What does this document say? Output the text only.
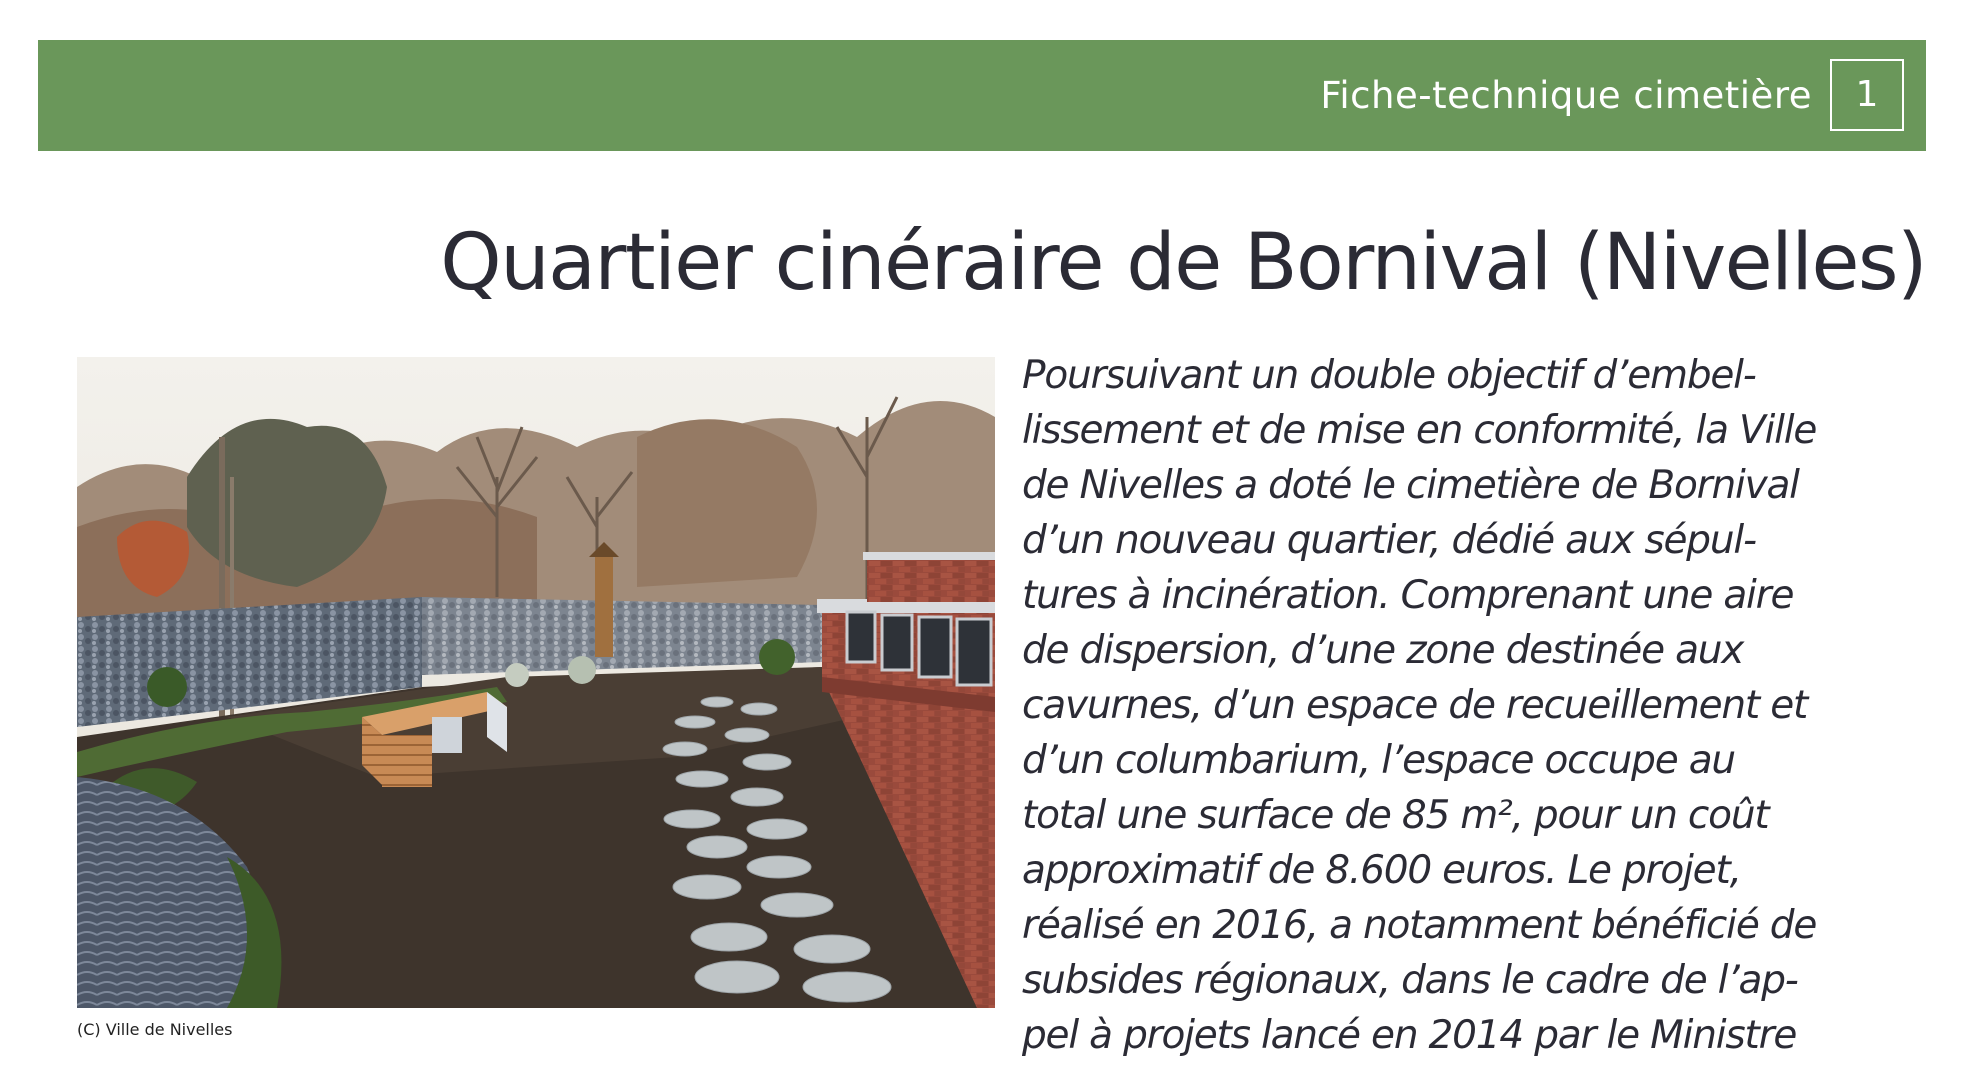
Fiche-technique cimetière	1
Quartier cinéraire de Bornival (Nivelles)
(C) Ville de Nivelles
Poursuivant un double objectif d’embel-
lissement et de mise en conformité, la Ville
de Nivelles a doté le cimetière de Bornival
d’un nouveau quartier, dédié aux sépul-
tures à incinération. Comprenant une aire
de dispersion, d’une zone destinée aux
cavurnes, d’un espace de recueillement et
d’un columbarium, l’espace occupe au
total une surface de 85 m², pour un coût
approximatif de 8.600 euros. Le projet,
réalisé en 2016, a notamment bénéficié de
subsides régionaux, dans le cadre de l’ap-
pel à projets lancé en 2014 par le Ministre
